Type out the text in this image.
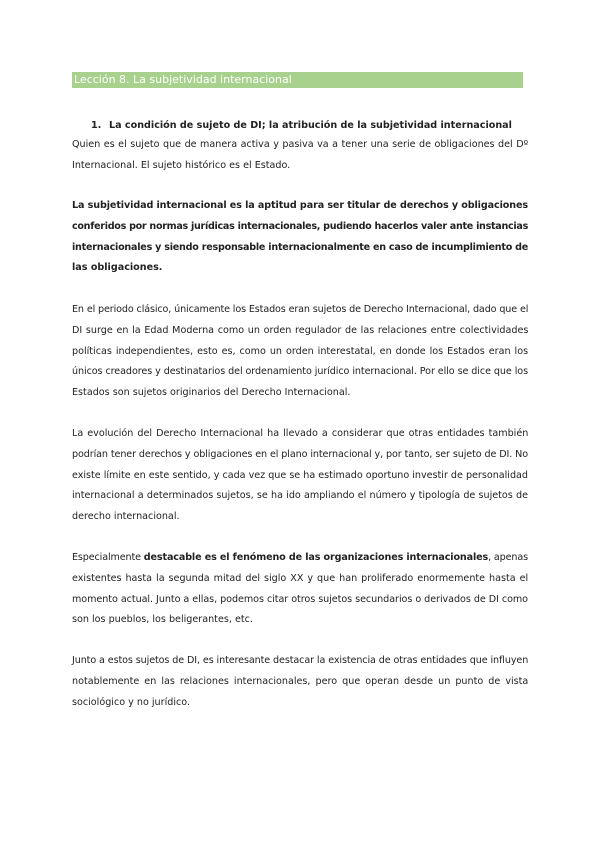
Lección 8. La subjetividad internacional
1. La condición de sujeto de DI; la atribución de la subjetividad internacional
Quien es el sujeto que de manera activa y pasiva va a tener una serie de obligaciones del Dº
Internacional. El sujeto histórico es el Estado.
La subjetividad internacional es la aptitud para ser titular de derechos y obligaciones
conferidos por normas jurídicas internacionales, pudiendo hacerlos valer ante instancias
internacionales y siendo responsable internacionalmente en caso de incumplimiento de
las obligaciones.
En el periodo clásico, únicamente los Estados eran sujetos de Derecho Internacional, dado que el
DI surge en la Edad Moderna como un orden regulador de las relaciones entre colectividades
políticas independientes, esto es, como un orden interestatal, en donde los Estados eran los
únicos creadores y destinatarios del ordenamiento jurídico internacional. Por ello se dice que los
Estados son sujetos originarios del Derecho Internacional.
La evolución del Derecho Internacional ha llevado a considerar que otras entidades también
podrían tener derechos y obligaciones en el plano internacional y, por tanto, ser sujeto de DI. No
existe límite en este sentido, y cada vez que se ha estimado oportuno investir de personalidad
internacional a determinados sujetos, se ha ido ampliando el número y tipología de sujetos de
derecho internacional.
Especialmente destacable es el fenómeno de las organizaciones internacionales, apenas
existentes hasta la segunda mitad del siglo XX y que han proliferado enormemente hasta el
momento actual. Junto a ellas, podemos citar otros sujetos secundarios o derivados de DI como
son los pueblos, los beligerantes, etc.
Junto a estos sujetos de DI, es interesante destacar la existencia de otras entidades que influyen
notablemente en las relaciones internacionales, pero que operan desde un punto de vista
sociológico y no jurídico.
